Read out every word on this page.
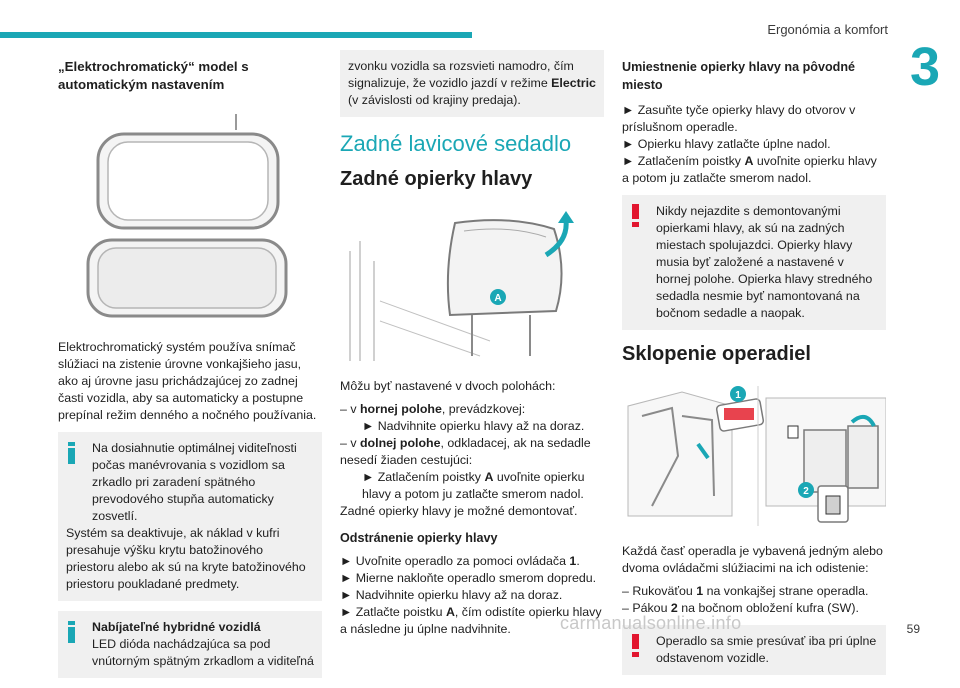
Ergonómia a komfort
3
„Elektrochromatický“ model s automatickým nastavením
Elektrochromatický systém používa snímač slúžiaci na zistenie úrovne vonkajšieho jasu, ako aj úrovne jasu prichádzajúcej zo zadnej časti vozidla, aby sa automaticky a postupne prepínal režim denného a nočného používania.
Na dosiahnutie optimálnej viditeľnosti počas manévrovania s vozidlom sa zrkadlo pri zaradení spätného prevodového stupňa automaticky zosvetlí.
Systém sa deaktivuje, ak náklad v kufri presahuje výšku krytu batožinového priestoru alebo ak sú na kryte batožinového priestoru poukladané predmety.
Nabíjateľné hybridné vozidlá
LED dióda nachádzajúca sa pod vnútorným spätným zrkadlom a viditeľná
zvonku vozidla sa rozsvieti namodro, čím signalizuje, že vozidlo jazdí v režime Electric (v závislosti od krajiny predaja).
Zadné lavicové sedadlo
Zadné opierky hlavy
A
Môžu byť nastavené v dvoch polohách:
– v hornej polohe, prevádzkovej:
► Nadvihnite opierku hlavy až na doraz.
– v dolnej polohe, odkladacej, ak na sedadle nesedí žiaden cestujúci:
► Zatlačením poistky A uvoľnite opierku hlavy a potom ju zatlačte smerom nadol.
Zadné opierky hlavy je možné demontovať.
Odstránenie opierky hlavy
► Uvoľnite operadlo za pomoci ovládača 1.
► Mierne nakloňte operadlo smerom dopredu.
► Nadvihnite opierku hlavy až na doraz.
► Zatlačte poistku A, čím odistíte opierku hlavy a následne ju úplne nadvihnite.
Umiestnenie opierky hlavy na pôvodné miesto
► Zasuňte tyče opierky hlavy do otvorov v príslušnom operadle.
► Opierku hlavy zatlačte úplne nadol.
► Zatlačením poistky A uvoľnite opierku hlavy a potom ju zatlačte smerom nadol.
Nikdy nejazdite s demontovanými opierkami hlavy, ak sú na zadných miestach spolujazdci. Opierky hlavy musia byť založené a nastavené v hornej polohe. Opierka hlavy stredného sedadla nesmie byť namontovaná na bočnom sedadle a naopak.
Sklopenie operadiel
1
2
Každá časť operadla je vybavená jedným alebo dvoma ovládačmi slúžiacimi na ich odistenie:
– Rukoväťou 1 na vonkajšej strane operadla.
– Pákou 2 na bočnom obložení kufra (SW).
Operadlo sa smie presúvať iba pri úplne odstavenom vozidle.
carmanualsonline.info	59
